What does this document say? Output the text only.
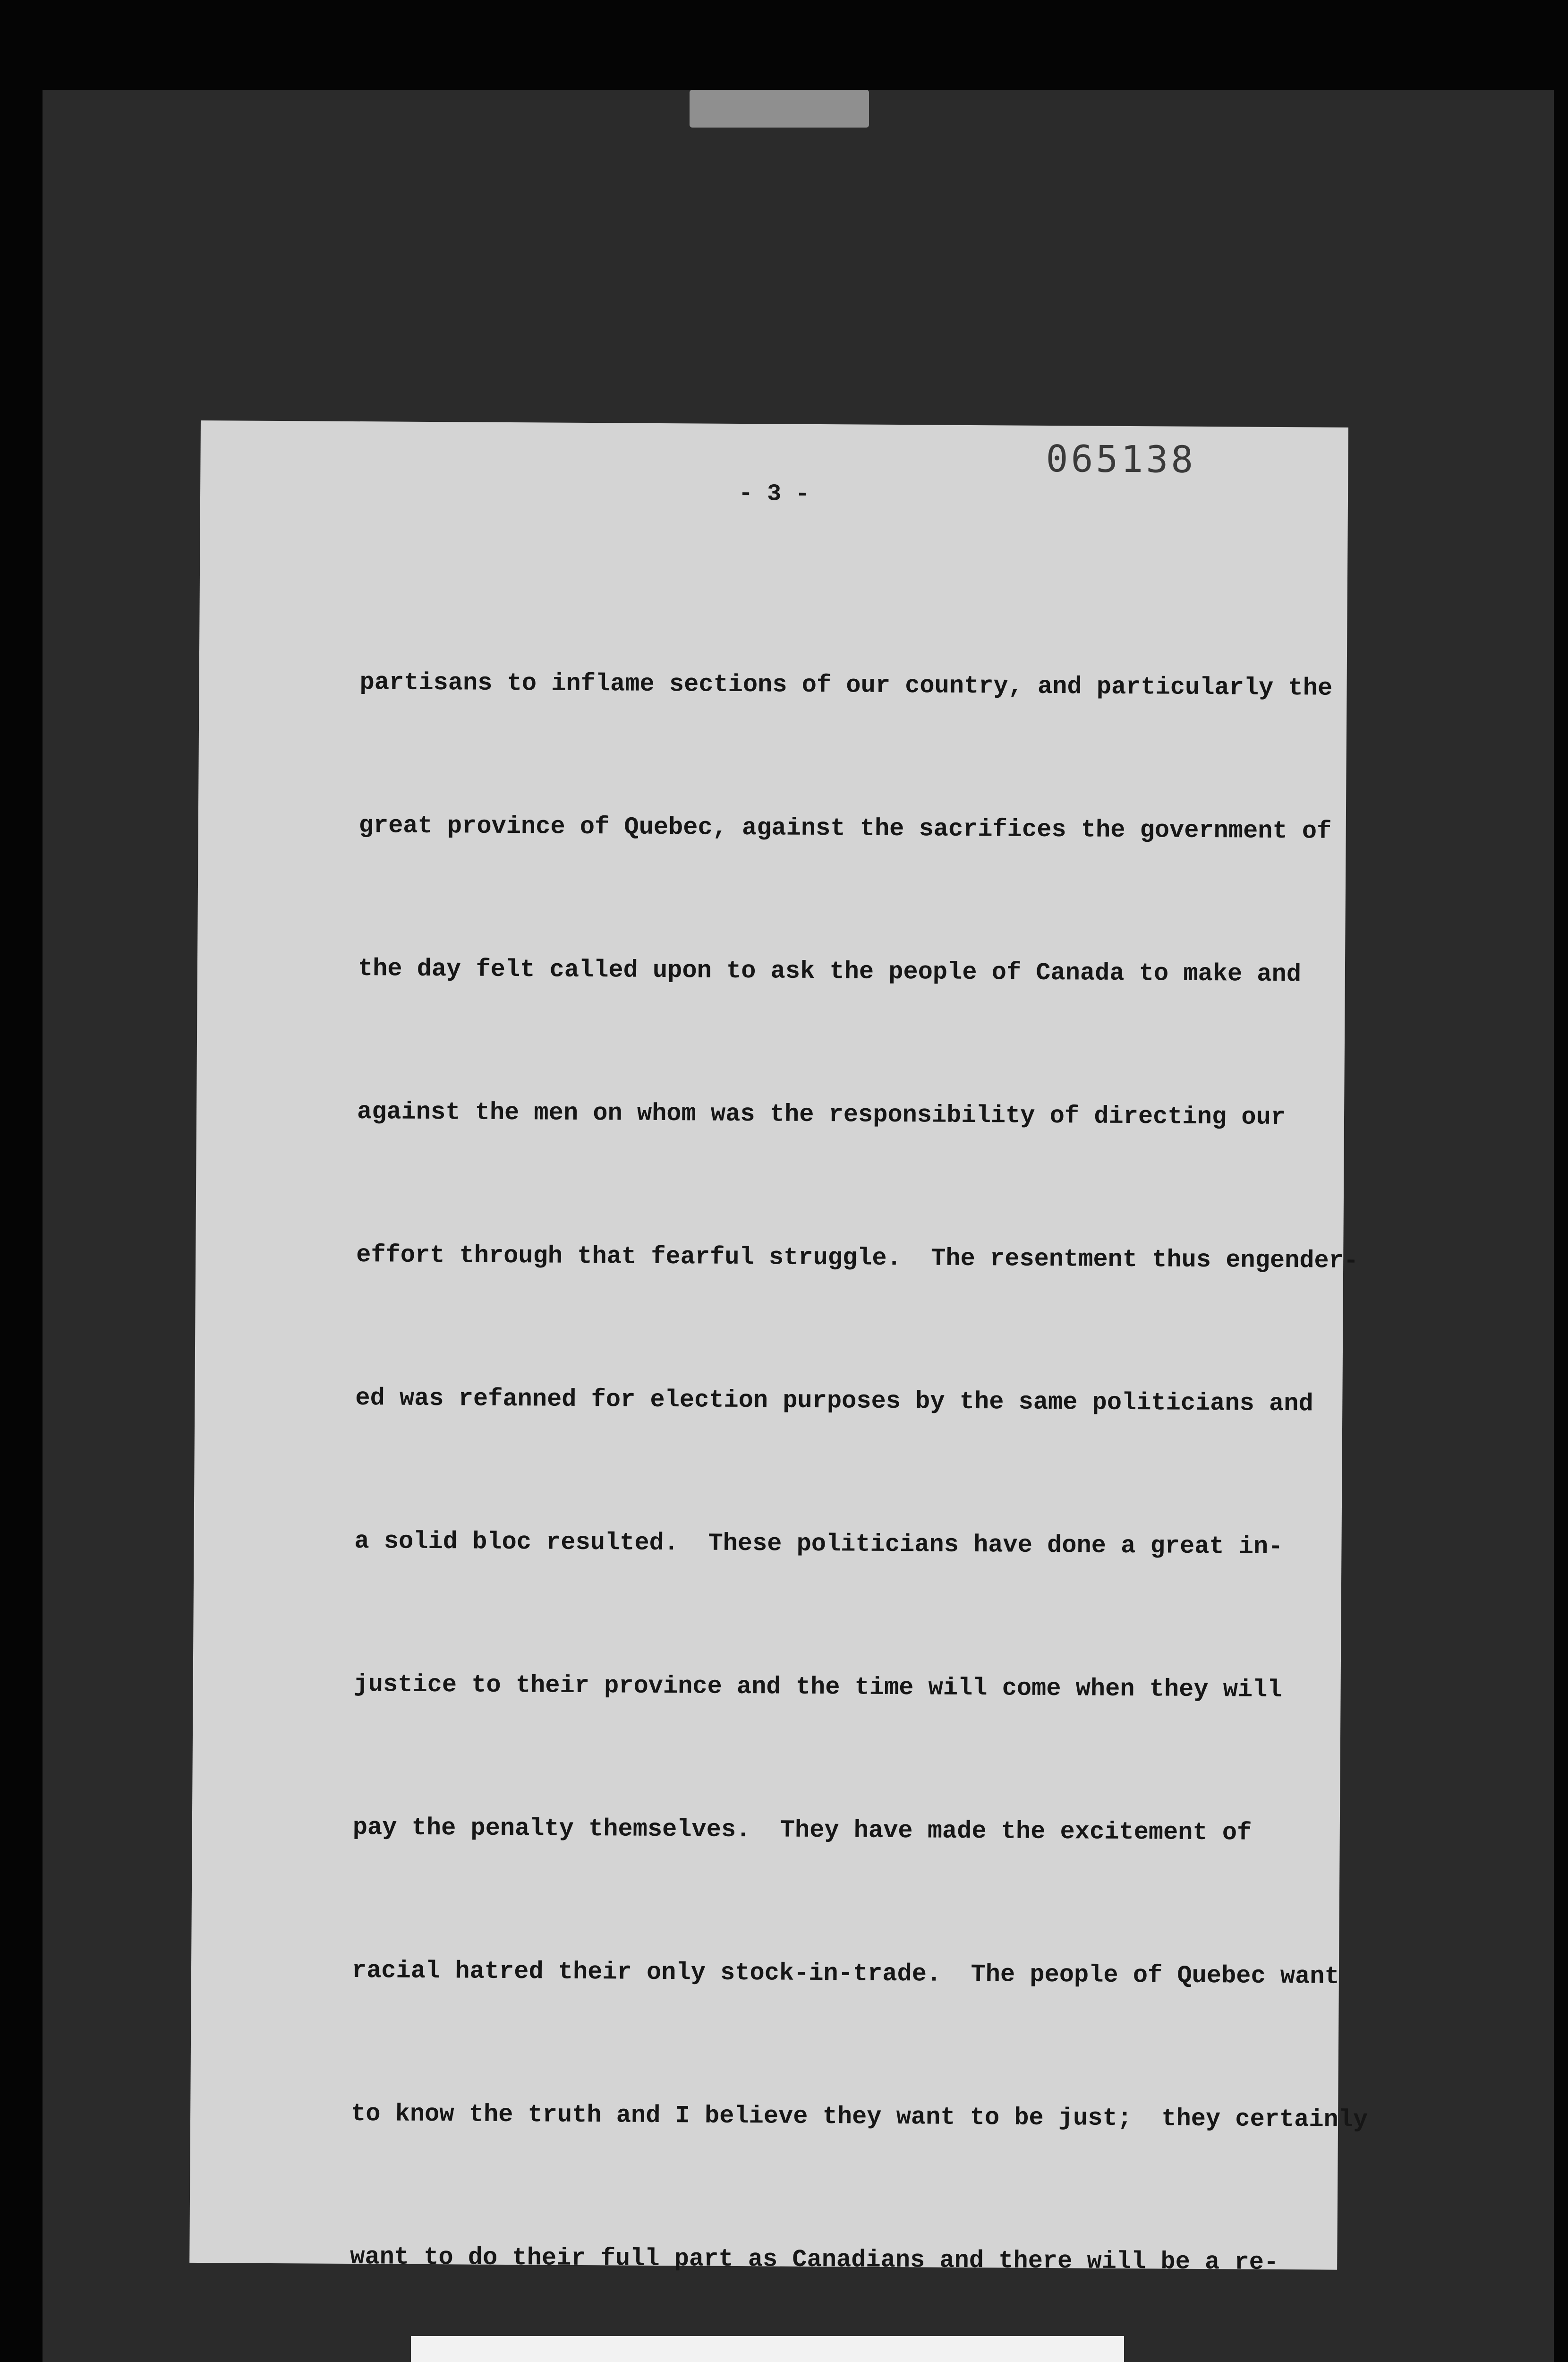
065138
- 3 -

partisans to inflame sections of our country, and particularly the

great province of Quebec, against the sacrifices the government of

the day felt called upon to ask the people of Canada to make and

against the men on whom was the responsibility of directing our

effort through that fearful struggle.  The resentment thus engender-

ed was refanned for election purposes by the same politicians and

a solid bloc resulted.  These politicians have done a great in-

justice to their province and the time will come when they will

pay the penalty themselves.  They have made the excitement of

racial hatred their only stock-in-trade.  The people of Quebec want

to know the truth and I believe they want to be just;  they certainly

want to do their full part as Canadians and there will be a re-
